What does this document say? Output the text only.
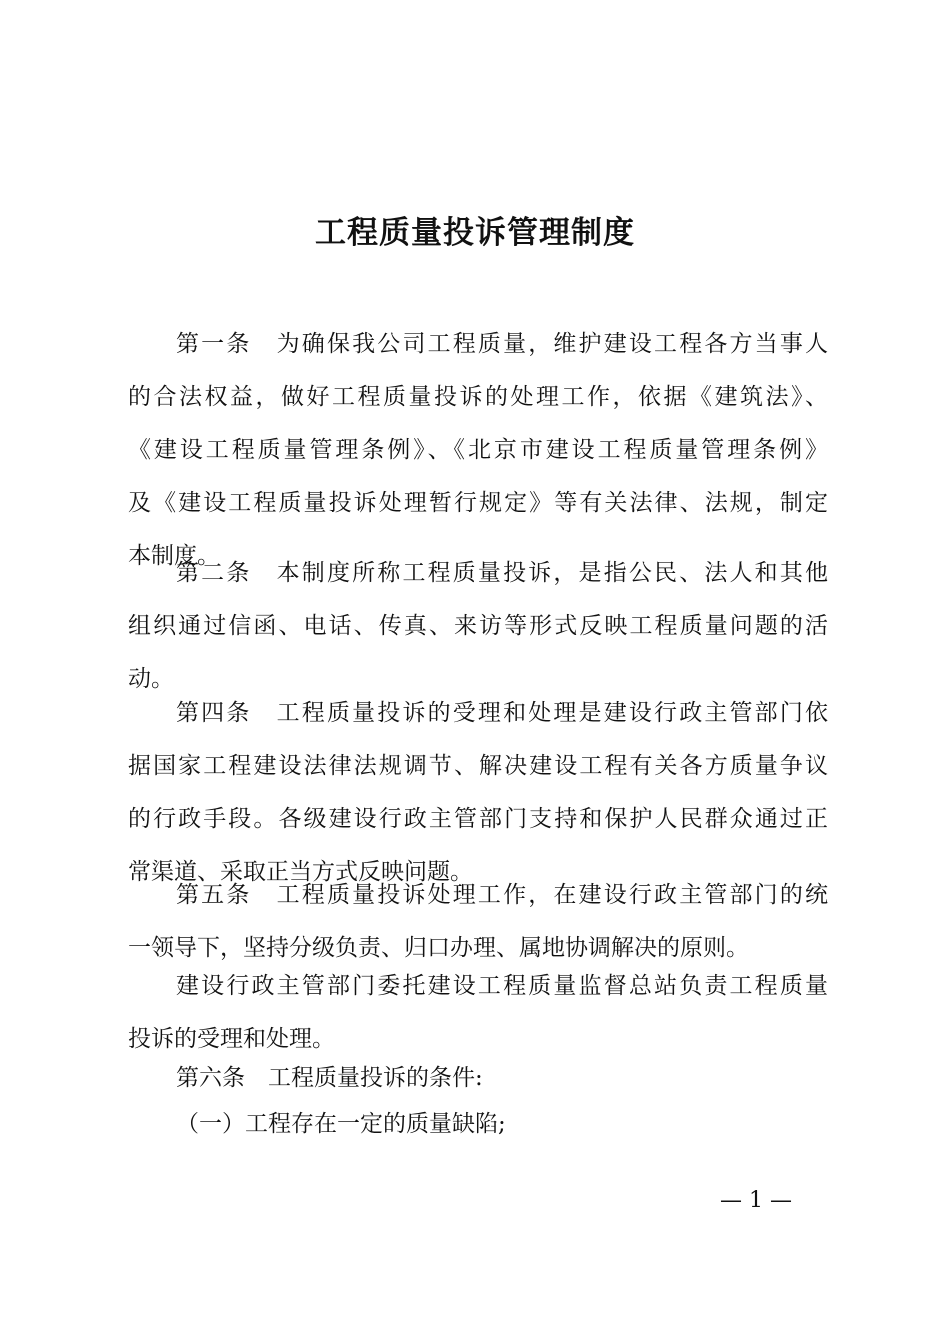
工程质量投诉管理制度
第一条　为确保我公司工程质量，维护建设工程各方当事人
的合法权益，做好工程质量投诉的处理工作，依据《建筑法》、
《建设工程质量管理条例》、《北京市建设工程质量管理条例》
及《建设工程质量投诉处理暂行规定》等有关法律、法规，制定
本制度。
第二条　本制度所称工程质量投诉，是指公民、法人和其他
组织通过信函、电话、传真、来访等形式反映工程质量问题的活
动。
第四条　工程质量投诉的受理和处理是建设行政主管部门依
据国家工程建设法律法规调节、解决建设工程有关各方质量争议
的行政手段。各级建设行政主管部门支持和保护人民群众通过正
常渠道、采取正当方式反映问题。
第五条　工程质量投诉处理工作，在建设行政主管部门的统
一领导下，坚持分级负责、归口办理、属地协调解决的原则。
建设行政主管部门委托建设工程质量监督总站负责工程质量
投诉的受理和处理。
第六条　工程质量投诉的条件:
（一）工程存在一定的质量缺陷;
— 1 —
